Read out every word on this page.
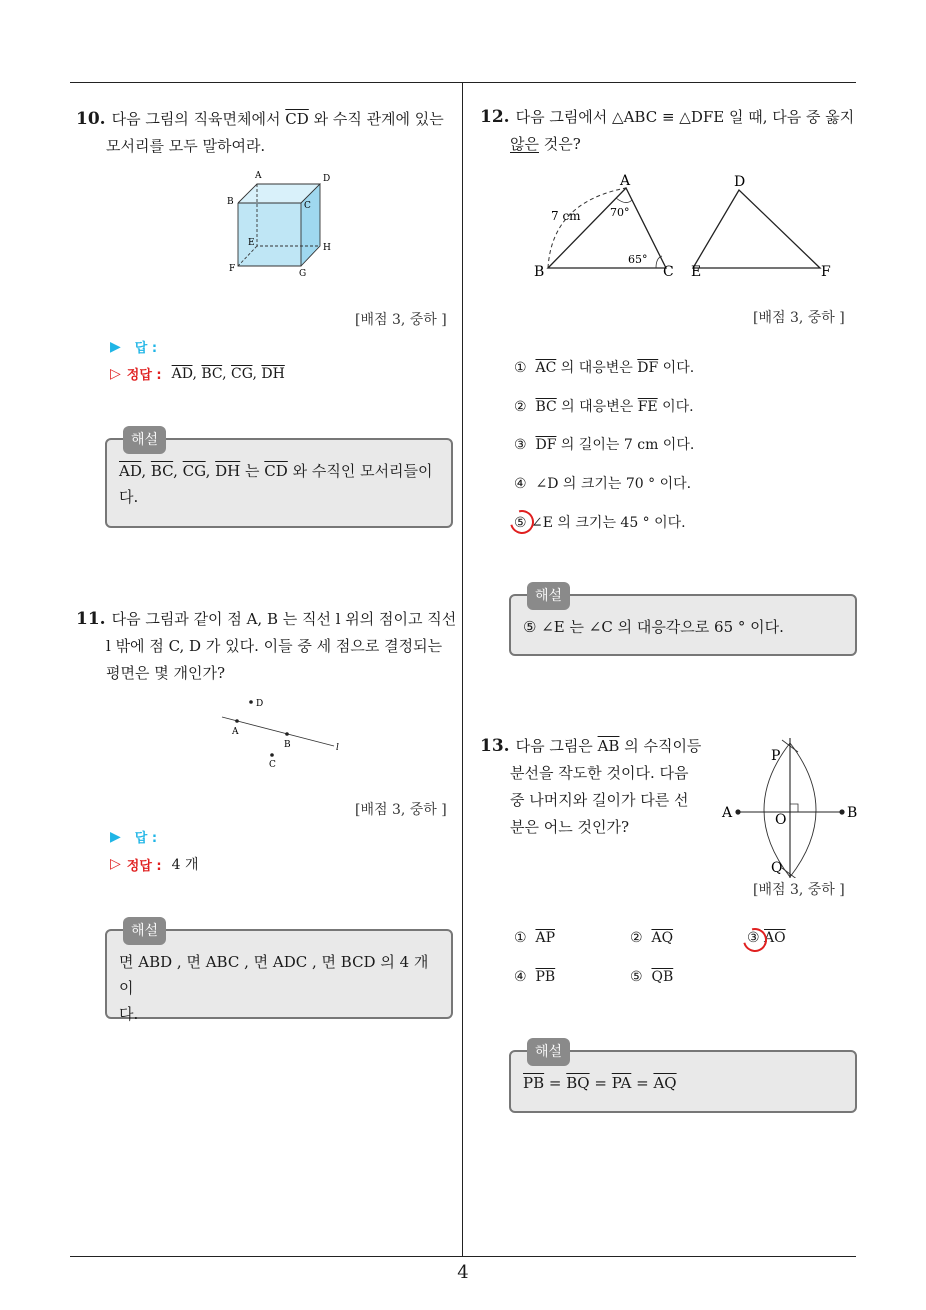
4
10. 다음 그림의 직육면체에서 $\overline{CD}$ 와 수직 관계에 있는
모서리를 모두 말하여라.
A	D
B	C
E	H
F	G
[배점 3, 중하 ]
▶ 답 :
▷ 정답 : $\overline{AD}$, $\overline{BC}$, $\overline{CG}$, $\overline{DH}$
해설
$\overline{AD}$, $\overline{BC}$, $\overline{CG}$, $\overline{DH}$ 는 $\overline{CD}$ 와 수직인 모서리들이
다.
11. 다음 그림과 같이 점 A, B 는 직선 l 위의 점이고 직선
l 밖에 점 C, D 가 있다. 이들 중 세 점으로 결정되는
평면은 몇 개인가?
D
A
B
C
l
[배점 3, 중하 ]
▶ 답 :
▷ 정답 : 4 개
해설
면 ABD , 면 ABC , 면 ADC , 면 BCD 의 4 개이
다.
12. 다음 그림에서 △ABC ≡ △DFE 일 때, 다음 중 옳지
않은 것은?
A
B	C
D
E	F
7 cm	70°
65°
[배점 3, 중하 ]
① $\overline{AC}$ 의 대응변은 $\overline{DF}$ 이다.
② $\overline{BC}$ 의 대응변은 $\overline{FE}$ 이다.
③ $\overline{DF}$ 의 길이는 7 cm 이다.
④ ∠D 의 크기는 70 ° 이다.
⑤ ∠E 의 크기는 45 ° 이다.
해설
⑤ ∠E 는 ∠C 의 대응각으로 65 ° 이다.
13. 다음 그림은 $\overline{AB}$ 의 수직이등
분선을 작도한 것이다. 다음
중 나머지와 길이가 다른 선
분은 어느 것인가?
P
Q
A	B
O
[배점 3, 중하 ]
① $\overline{AP}$	② $\overline{AQ}$	③ $\overline{AO}$
④ $\overline{PB}$	⑤ $\overline{QB}$
해설
$\overline{PB} = \overline{BQ} = \overline{PA} = \overline{AQ}$
